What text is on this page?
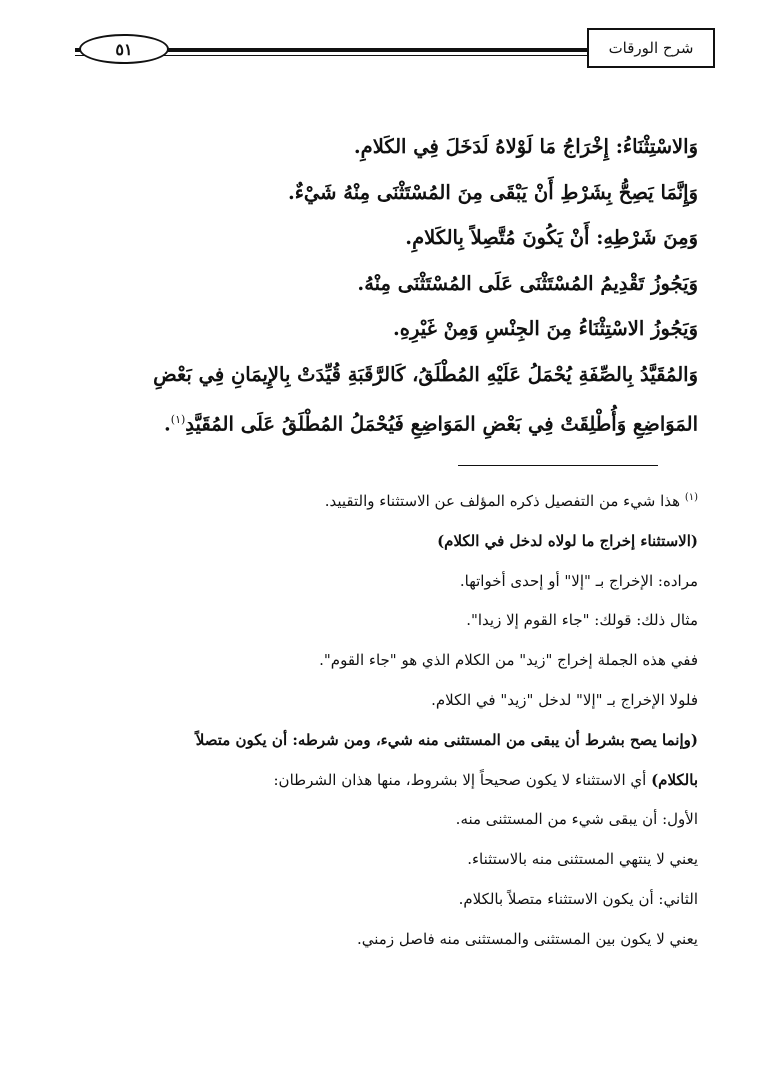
شرح الورقات
٥١
وَالاسْتِثْنَاءُ: إِخْرَاجُ مَا لَوْلاهُ لَدَخَلَ فِي الكَلامِ.
وَإِنَّمَا يَصِحُّ بِشَرْطِ أَنْ يَبْقَى مِنَ المُسْتَثْنَى مِنْهُ شَيْءٌ.
وَمِنَ شَرْطِهِ: أَنْ يَكُونَ مُتَّصِلاً بِالكَلامِ.
وَيَجُوزُ تَقْدِيمُ المُسْتَثْنَى عَلَى المُسْتَثْنَى مِنْهُ.
وَيَجُوزُ الاسْتِثْنَاءُ مِنَ الجِنْسِ وَمِنْ غَيْرِهِ.
وَالمُقَيَّدُ بِالصِّفَةِ يُحْمَلُ عَلَيْهِ المُطْلَقُ، كَالرَّقَبَةِ قُيِّدَتْ بِالإِيمَانِ فِي بَعْضِ
المَوَاضِعِ وَأُطْلِقَتْ فِي بَعْضِ المَوَاضِعِ فَيُحْمَلُ المُطْلَقُ عَلَى المُقَيَّدِ$^{(١)}$.
$^{(١)}$ هذا شيء من التفصيل ذكره المؤلف عن الاستثناء والتقييد.
(الاستثناء إخراج ما لولاه لدخل في الكلام)
مراده: الإخراج بـ "إلا" أو إحدى أخواتها.
مثال ذلك: قولك: "جاء القوم إلا زيدا".
ففي هذه الجملة إخراج "زيد" من الكلام الذي هو "جاء القوم".
فلولا الإخراج بـ "إلا" لدخل "زيد" في الكلام.
(وإنما يصح بشرط أن يبقى من المستثنى منه شيء، ومن شرطه: أن يكون متصلاً
بالكلام) أي الاستثناء لا يكون صحيحاً إلا بشروط، منها هذان الشرطان:
الأول: أن يبقى شيء من المستثنى منه.
يعني لا ينتهي المستثنى منه بالاستثناء.
الثاني: أن يكون الاستثناء متصلاً بالكلام.
يعني لا يكون بين المستثنى والمستثنى منه فاصل زمني.
